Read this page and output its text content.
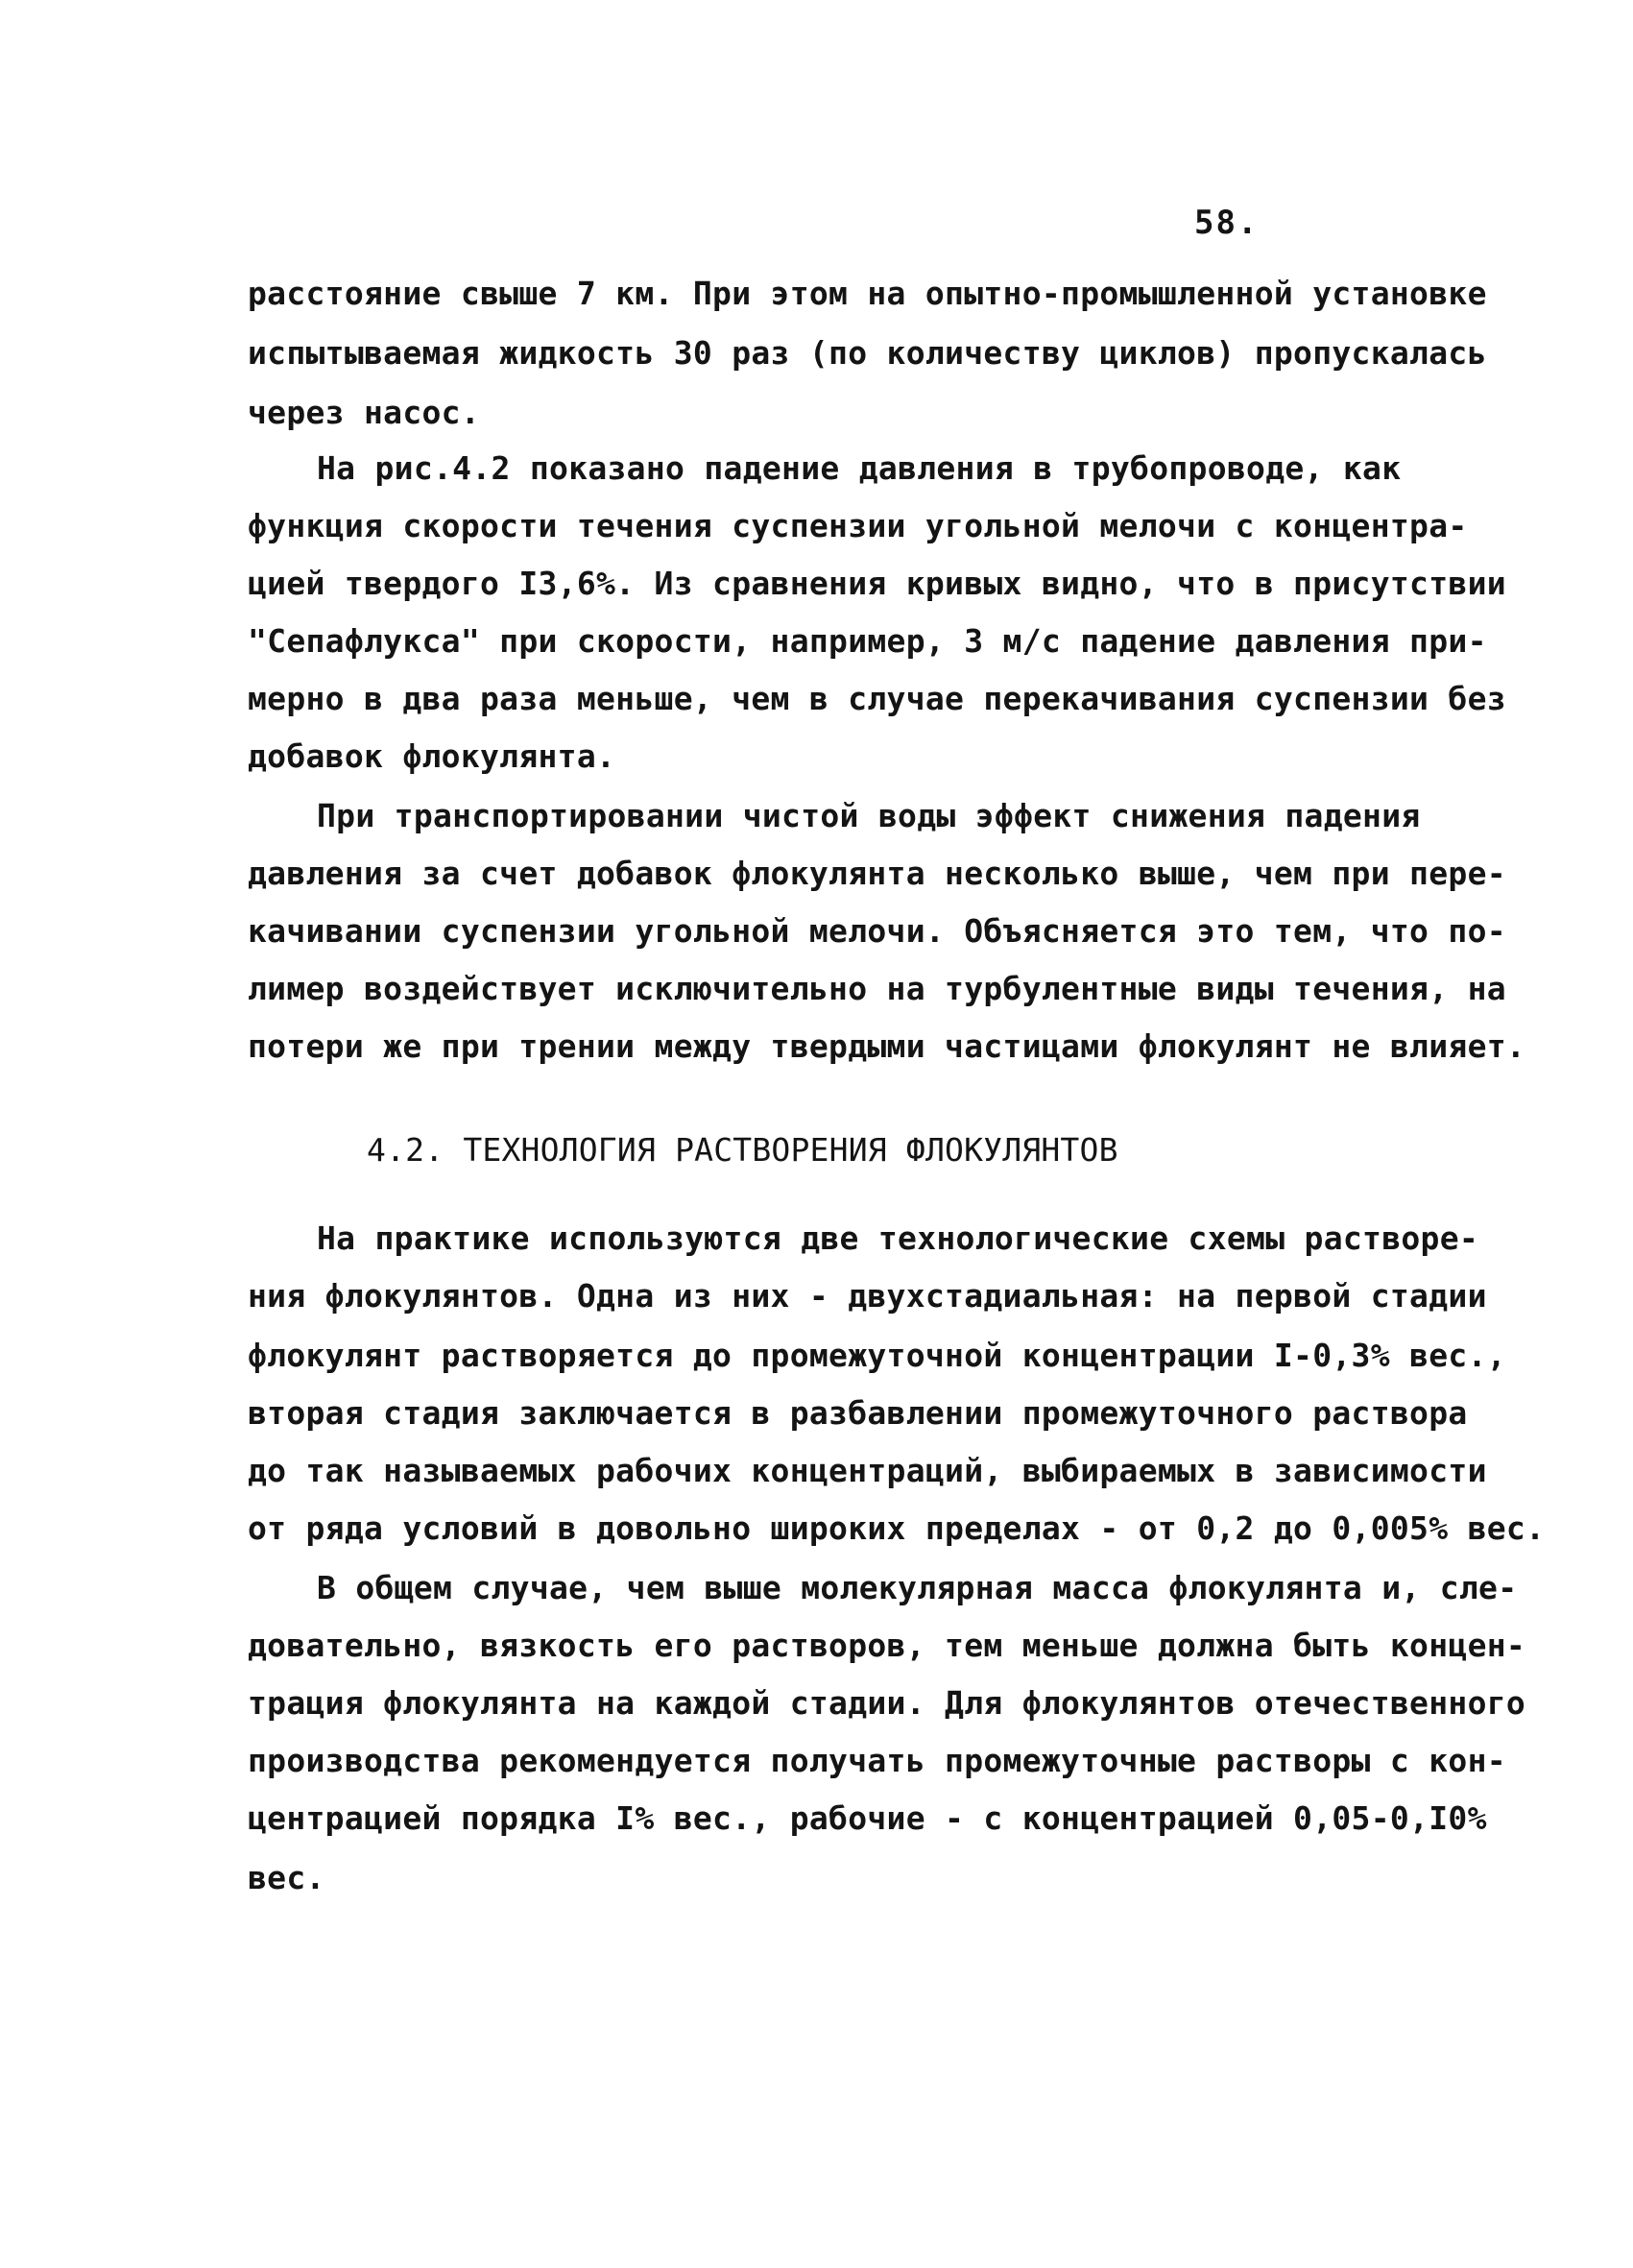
58.
расстояние свыше 7 км. При этом на опытно-промышленной установке
испытываемая жидкость 30 раз (по количеству циклов) пропускалась
через насос.
На рис.4.2 показано падение давления в трубопроводе, как
функция скорости течения суспензии угольной мелочи с концентра-
цией твердого I3,6%. Из сравнения кривых видно, что в присутствии
"Сепафлукса" при скорости, например, 3 м/с падение давления при-
мерно в два раза меньше, чем в случае перекачивания суспензии без
добавок флокулянта.
При транспортировании чистой воды эффект снижения падения
давления за счет добавок флокулянта несколько выше, чем при пере-
качивании суспензии угольной мелочи. Объясняется это тем, что по-
лимер воздействует исключительно на турбулентные виды течения, на
потери же при трении между твердыми частицами флокулянт не влияет.
4.2. ТЕХНОЛОГИЯ РАСТВОРЕНИЯ ФЛОКУЛЯНТОВ
На практике используются две технологические схемы растворе-
ния флокулянтов. Одна из них - двухстадиальная: на первой стадии
флокулянт растворяется до промежуточной концентрации I-0,3% вес.,
вторая стадия заключается в разбавлении промежуточного раствора
до так называемых рабочих концентраций, выбираемых в зависимости
от ряда условий в довольно широких пределах - от 0,2 до 0,005% вес.
В общем случае, чем выше молекулярная масса флокулянта и, сле-
довательно, вязкость его растворов, тем меньше должна быть концен-
трация флокулянта на каждой стадии. Для флокулянтов отечественного
производства рекомендуется получать промежуточные растворы с кон-
центрацией порядка I% вес., рабочие - с концентрацией 0,05-0,I0%
вес.
